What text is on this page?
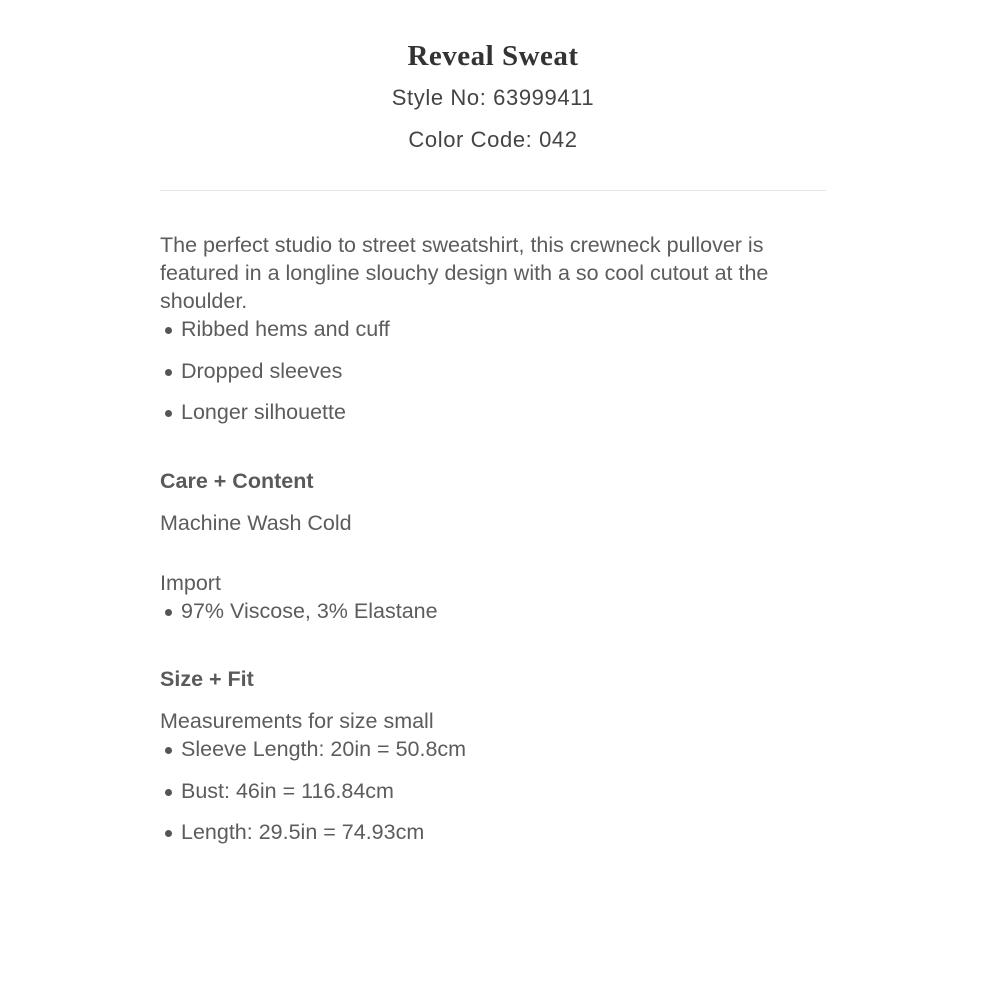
Reveal Sweat
Style No: 63999411
Color Code: 042
The perfect studio to street sweatshirt, this crewneck pullover is featured in a longline slouchy design with a so cool cutout at the shoulder.
Ribbed hems and cuff
Dropped sleeves
Longer silhouette
Care + Content
Machine Wash Cold
Import
97% Viscose, 3% Elastane
Size + Fit
Measurements for size small
Sleeve Length: 20in = 50.8cm
Bust: 46in = 116.84cm
Length: 29.5in = 74.93cm
